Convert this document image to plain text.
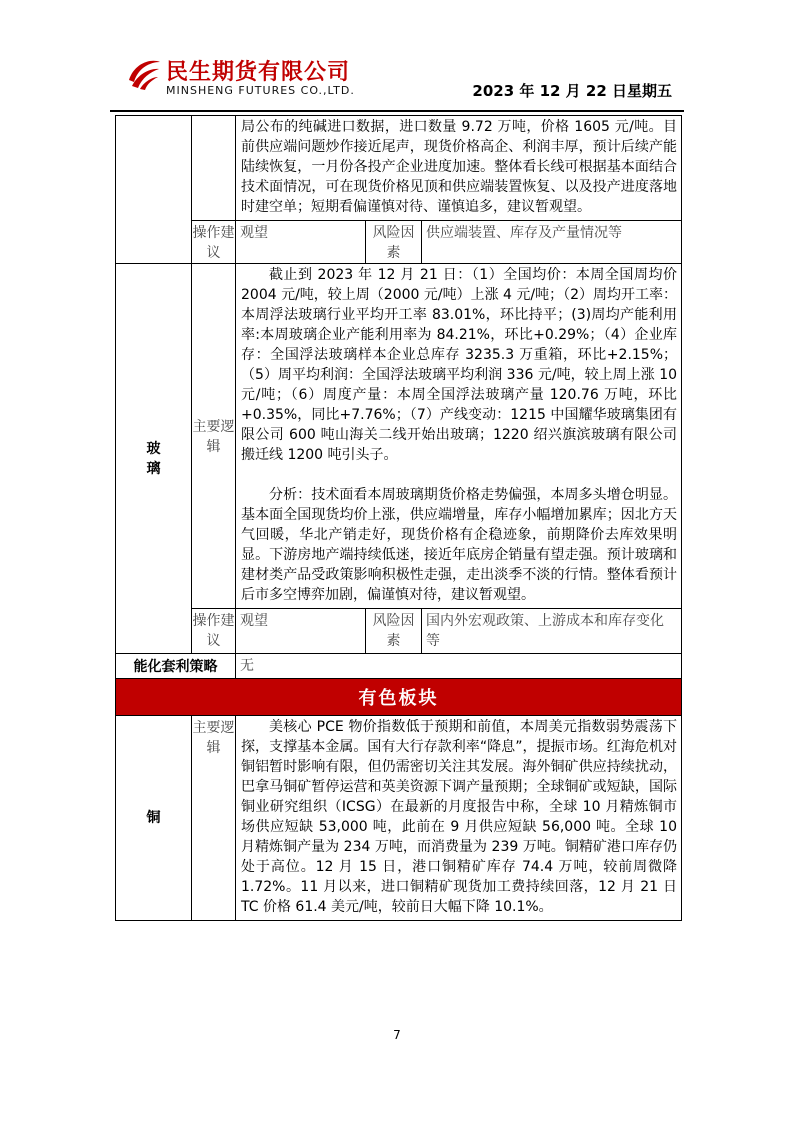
民生期货有限公司
MINSHENG FUTURES CO.,LTD.	2023 年 12 月 22 日星期五

		局公布的纯碱进口数据，进口数量 9.72 万吨，价格 1605 元/吨。目前供应端问题炒作接近尾声，现货价格高企、利润丰厚，预计后续产能陆续恢复，一月份各投产企业进度加速。整体看长线可根据基本面结合技术面情况，可在现货价格见顶和供应端装置恢复、以及投产进度落地时建空单；短期看偏谨慎对待、谨慎追多，建议暂观望。		

	操作建议	观望	风险因素	供应端装置、库存及产量情况等
玻璃	主要逻辑	截止到 2023 年 12 月 21 日：（1）全国均价：本周全国周均价 2004 元/吨，较上周（2000 元/吨）上涨 4 元/吨；（2）周均开工率：本周浮法玻璃行业平均开工率 83.01%，环比持平；(3)周均产能利用率:本周玻璃企业产能利用率为 84.21%，环比+0.29%；（4）企业库存：全国浮法玻璃样本企业总库存 3235.3 万重箱，环比+2.15%；（5）周平均利润：全国浮法玻璃平均利润 336 元/吨，较上周上涨 10 元/吨；（6）周度产量：本周全国浮法玻璃产量 120.76 万吨，环比+0.35%，同比+7.76%；（7）产线变动：1215 中国耀华玻璃集团有限公司 600 吨山海关二线开始出玻璃；1220 绍兴旗滨玻璃有限公司搬迁线 1200 吨引头子。

分析：技术面看本周玻璃期货价格走势偏强，本周多头增仓明显。基本面全国现货均价上涨，供应端增量，库存小幅增加累库；因北方天气回暖，华北产销走好，现货价格有企稳迹象，前期降价去库效果明显。下游房地产端持续低迷，接近年底房企销量有望走强。预计玻璃和建材类产品受政策影响积极性走强，走出淡季不淡的行情。整体看预计后市多空博弈加剧，偏谨慎对待，建议暂观望。		

	操作建议	观望	风险因素	国内外宏观政策、上游成本和库存变化等
能化套利策略		无		
有色板块				
铜	主要逻辑	美核心 PCE 物价指数低于预期和前值，本周美元指数弱势震荡下探，支撑基本金属。国有大行存款利率“降息”，提振市场。红海危机对铜铝暂时影响有限，但仍需密切关注其发展。海外铜矿供应持续扰动，巴拿马铜矿暂停运营和英美资源下调产量预期；全球铜矿或短缺，国际铜业研究组织（ICSG）在最新的月度报告中称，全球 10 月精炼铜市场供应短缺 53,000 吨，此前在 9 月供应短缺 56,000 吨。全球 10 月精炼铜产量为 234 万吨，而消费量为 239 万吨。铜精矿港口库存仍处于高位。12 月 15 日，港口铜精矿库存 74.4 万吨，较前周微降 1.72%。11 月以来，进口铜精矿现货加工费持续回落，12 月 21 日 TC 价格 61.4 美元/吨，较前日大幅下降 10.1%。		

7
